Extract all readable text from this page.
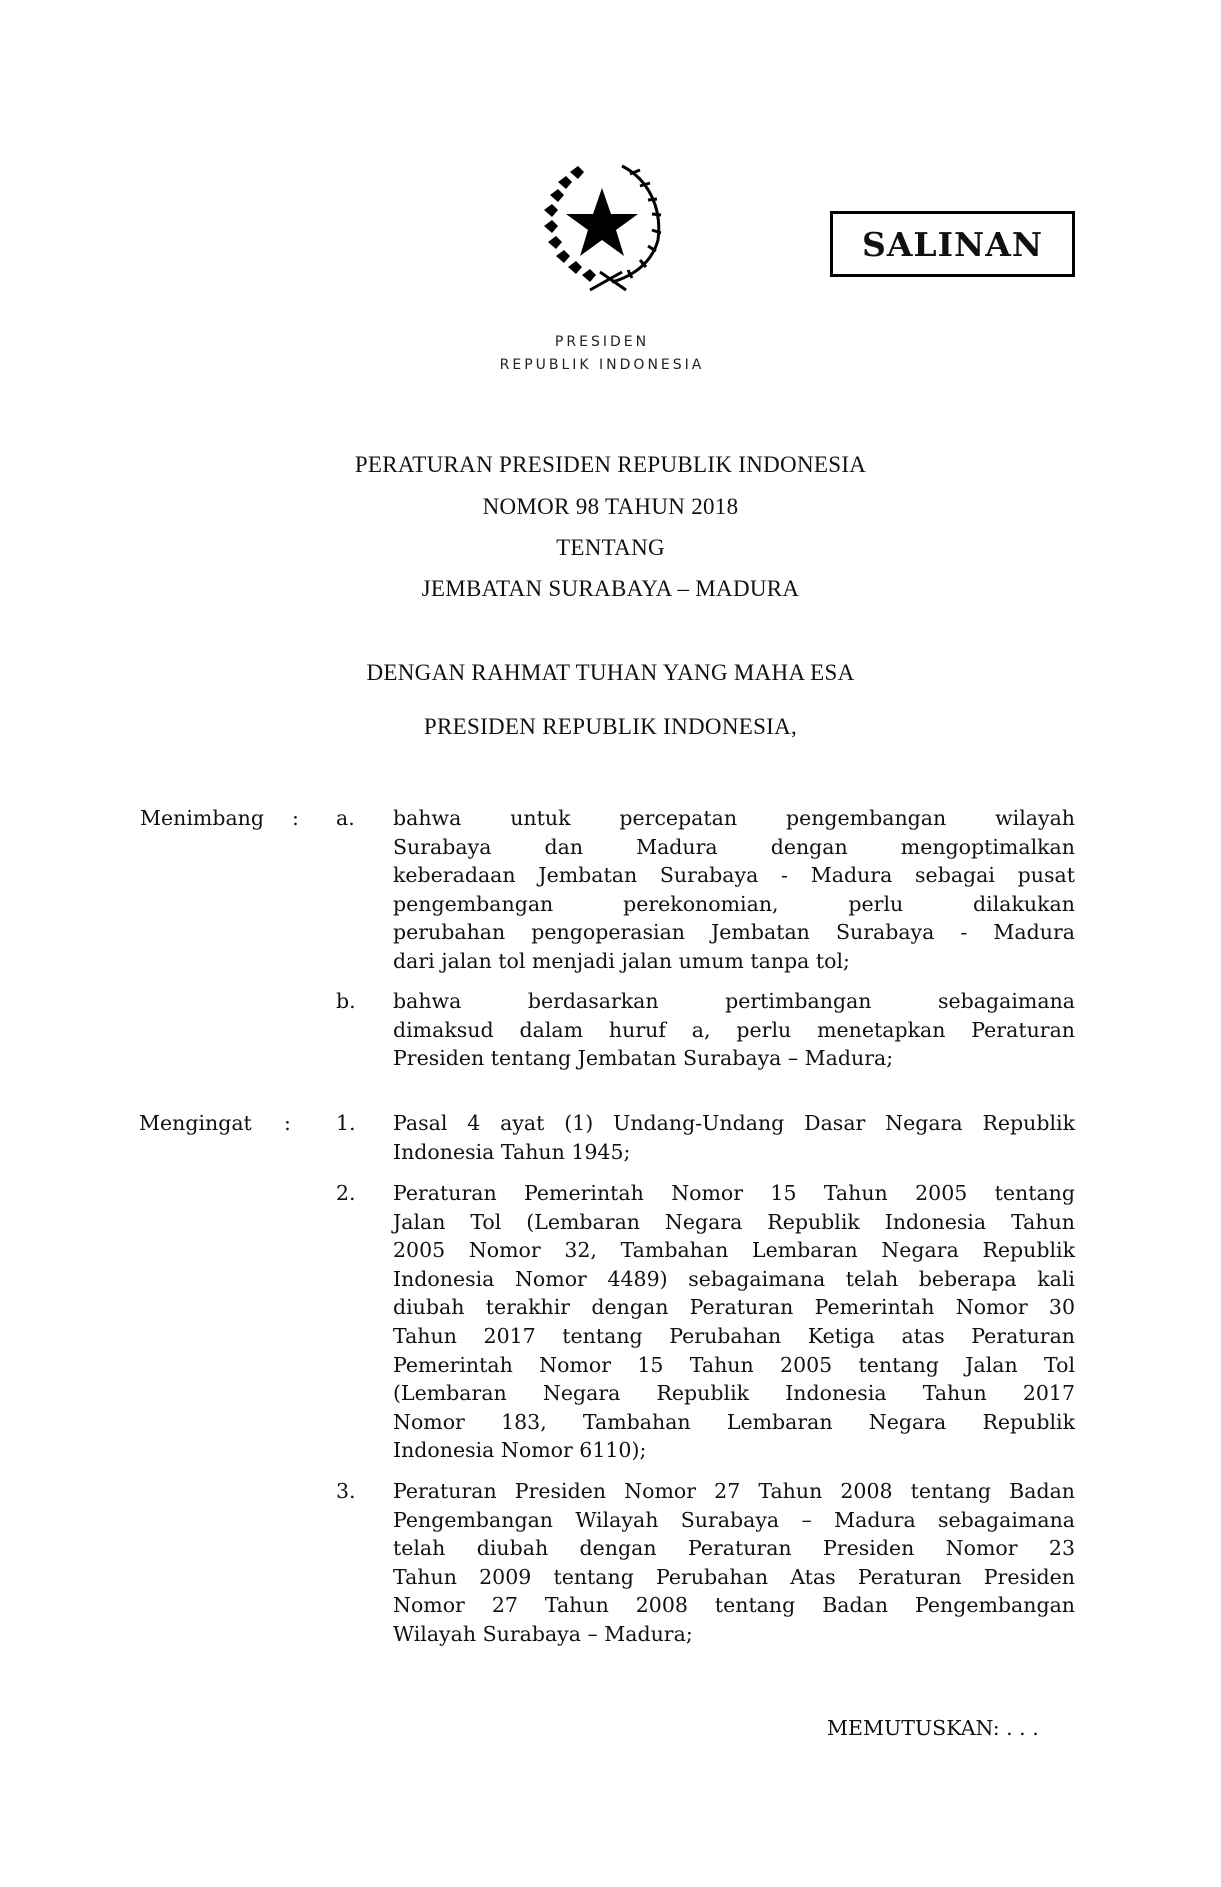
SALINAN
PRESIDEN
REPUBLIK INDONESIA
PERATURAN PRESIDEN REPUBLIK INDONESIA
NOMOR 98 TAHUN 2018
TENTANG
JEMBATAN SURABAYA – MADURA
DENGAN RAHMAT TUHAN YANG MAHA ESA
PRESIDEN REPUBLIK INDONESIA,
Menimbang : a. bahwa untuk percepatan pengembangan wilayah
Surabaya dan Madura dengan mengoptimalkan
keberadaan Jembatan Surabaya - Madura sebagai pusat
pengembangan perekonomian, perlu dilakukan
perubahan pengoperasian Jembatan Surabaya - Madura
dari jalan tol menjadi jalan umum tanpa tol;
b. bahwa berdasarkan pertimbangan sebagaimana
dimaksud dalam huruf a, perlu menetapkan Peraturan
Presiden tentang Jembatan Surabaya – Madura;
Mengingat : 1. Pasal 4 ayat (1) Undang-Undang Dasar Negara Republik
Indonesia Tahun 1945;
2. Peraturan Pemerintah Nomor 15 Tahun 2005 tentang
Jalan Tol (Lembaran Negara Republik Indonesia Tahun
2005 Nomor 32, Tambahan Lembaran Negara Republik
Indonesia Nomor 4489) sebagaimana telah beberapa kali
diubah terakhir dengan Peraturan Pemerintah Nomor 30
Tahun 2017 tentang Perubahan Ketiga atas Peraturan
Pemerintah Nomor 15 Tahun 2005 tentang Jalan Tol
(Lembaran Negara Republik Indonesia Tahun 2017
Nomor 183, Tambahan Lembaran Negara Republik
Indonesia Nomor 6110);
3. Peraturan Presiden Nomor 27 Tahun 2008 tentang Badan
Pengembangan Wilayah Surabaya – Madura sebagaimana
telah diubah dengan Peraturan Presiden Nomor 23
Tahun 2009 tentang Perubahan Atas Peraturan Presiden
Nomor 27 Tahun 2008 tentang Badan Pengembangan
Wilayah Surabaya – Madura;
MEMUTUSKAN: . . .
